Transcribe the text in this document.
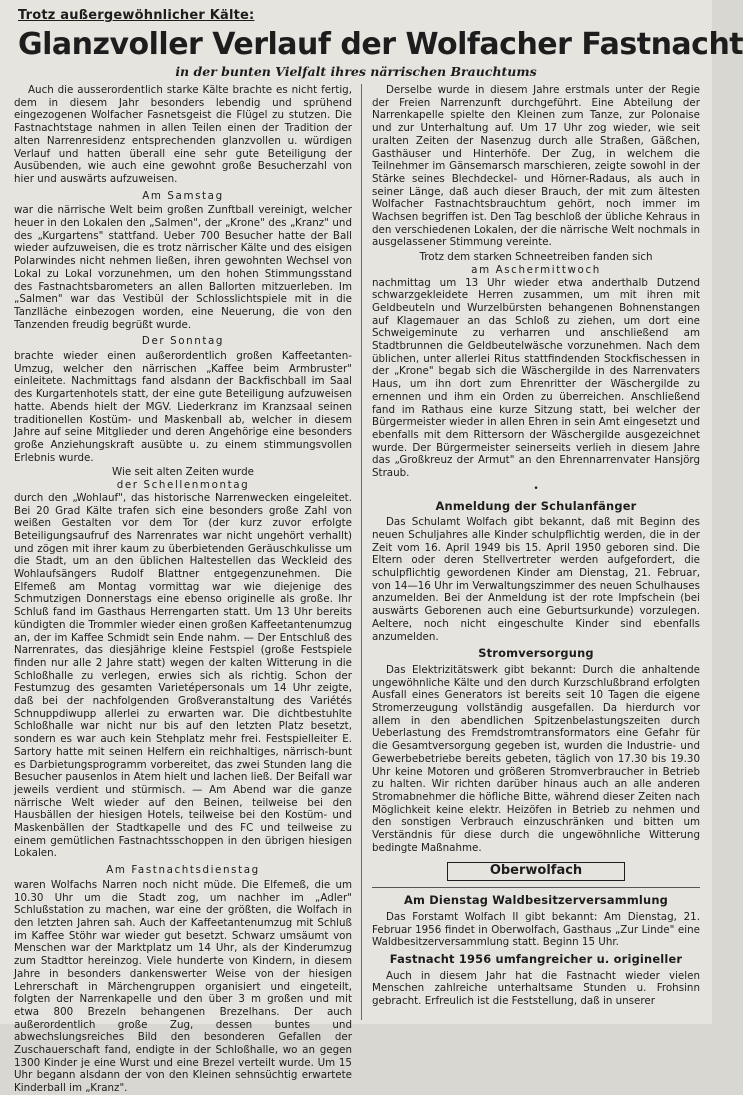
Trotz außergewöhnlicher Kälte:
Glanzvoller Verlauf der Wolfacher Fastnacht
in der bunten Vielfalt ihres närrischen Brauchtums

Auch die ausserordentlich starke Kälte brachte es nicht fertig, dem in diesem Jahr besonders lebendig und sprühend eingezogenen Wolfacher Fasnetsgeist die Flügel zu stutzen. Die Fastnachtstage nahmen in allen Teilen einen der Tradition der alten Narrenresidenz entsprechenden glanzvollen u. würdigen Verlauf und hatten überall eine sehr gute Beteiligung der Ausübenden, wie auch eine gewohnt große Besucherzahl von hier und auswärts aufzuweisen.

Am Samstag

war die närrische Welt beim großen Zunftball vereinigt, welcher heuer in den Lokalen den „Salmen", der „Krone" des „Kranz" und des „Kurgartens" stattfand. Ueber 700 Besucher hatte der Ball wieder aufzuweisen, die es trotz närrischer Kälte und des eisigen Polarwindes nicht nehmen ließen, ihren gewohnten Wechsel von Lokal zu Lokal vorzunehmen, um den hohen Stimmungsstand des Fastnachtsbarometers an allen Ballorten mitzuerleben. Im „Salmen" war das Vestibül der Schlosslichtspiele mit in die Tanzlläche einbezogen worden, eine Neuerung, die von den Tanzenden freudig begrüßt wurde.

Der Sonntag

brachte wieder einen außerordentlich großen Kaffeetanten-Umzug, welcher den närrischen „Kaffee beim Armbruster" einleitete. Nachmittags fand alsdann der Backfischball im Saal des Kurgartenhotels statt, der eine gute Beteiligung aufzuweisen hatte. Abends hielt der MGV. Liederkranz im Kranzsaal seinen traditionellen Kostüm- und Maskenball ab, welcher in diesem Jahre auf seine Mitglieder und deren Angehörige eine besonders große Anziehungskraft ausübte u. zu einem stimmungsvollen Erlebnis wurde.

Wie seit alten Zeiten wurde
der Schellenmontag

durch den „Wohlauf", das historische Narrenwecken eingeleitet. Bei 20 Grad Kälte trafen sich eine besonders große Zahl von weißen Gestalten vor dem Tor (der kurz zuvor erfolgte Beteiligungsaufruf des Narrenrates war nicht ungehört verhallt) und zögen mit ihrer kaum zu überbietenden Geräuschkulisse um die Stadt, um an den üblichen Haltestellen das Weckleid des Wohlaufsängers Rudolf Blattner entgegenzunehmen. Die Elfemeß am Montag vormittag war wie diejenige des Schmutzigen Donnerstags eine ebenso originelle als große. Ihr Schluß fand im Gasthaus Herrengarten statt. Um 13 Uhr bereits kündigten die Trommler wieder einen großen Kaffeetantenumzug an, der im Kaffee Schmidt sein Ende nahm. — Der Entschluß des Narrenrates, das diesjährige kleine Festspiel (große Festspiele finden nur alle 2 Jahre statt) wegen der kalten Witterung in die Schloßhalle zu verlegen, erwies sich als richtig. Schon der Festumzug des gesamten Varietépersonals um 14 Uhr zeigte, daß bei der nachfolgenden Großveranstaltung des Variétés Schnuppdiwupp allerlei zu erwarten war. Die dichtbestuhlte Schloßhalle war nicht nur bis auf den letzten Platz besetzt, sondern es war auch kein Stehplatz mehr frei. Festspielleiter E. Sartory hatte mit seinen Helfern ein reichhaltiges, närrisch-bunt es Darbietungsprogramm vorbereitet, das zwei Stunden lang die Besucher pausenlos in Atem hielt und lachen ließ. Der Beifall war jeweils verdient und stürmisch. — Am Abend war die ganze närrische Welt wieder auf den Beinen, teilweise bei den Hausbällen der hiesigen Hotels, teilweise bei den Kostüm- und Maskenbällen der Stadtkapelle und des FC und teilweise zu einem gemütlichen Fastnachtsschoppen in den übrigen hiesigen Lokalen.

Am Fastnachtsdienstag

waren Wolfachs Narren noch nicht müde. Die Elfemeß, die um 10.30 Uhr um die Stadt zog, um nachher im „Adler" Schlußstation zu machen, war eine der größten, die Wolfach in den letzten Jahren sah. Auch der Kaffeetantenumzug mit Schluß im Kaffee Stöhr war wieder gut besetzt. Schwarz umsäumt von Menschen war der Marktplatz um 14 Uhr, als der Kinderumzug zum Stadttor hereinzog. Viele hunderte von Kindern, in diesem Jahre in besonders dankenswerter Weise von der hiesigen Lehrerschaft in Märchengruppen organisiert und eingeteilt, folgten der Narrenkapelle und den über 3 m großen und mit etwa 800 Brezeln behangenen Brezelhans. Der auch außerordentlich große Zug, dessen buntes und abwechslungsreiches Bild den besonderen Gefallen der Zuschauerschaft fand, endigte in der Schloßhalle, wo an gegen 1300 Kinder je eine Wurst und eine Brezel verteilt wurde. Um 15 Uhr begann alsdann der von den Kleinen sehnsüchtig erwartete Kinderball im „Kranz".

Derselbe wurde in diesem Jahre erstmals unter der Regie der Freien Narrenzunft durchgeführt. Eine Abteilung der Narrenkapelle spielte den Kleinen zum Tanze, zur Polonaise und zur Unterhaltung auf. Um 17 Uhr zog wieder, wie seit uralten Zeiten der Nasenzug durch alle Straßen, Gäßchen, Gasthäuser und Hinterhöfe. Der Zug, in welchem die Teilnehmer im Gänsemarsch marschieren, zeigte sowohl in der Stärke seines Blechdeckel- und Hörner-Radaus, als auch in seiner Länge, daß auch dieser Brauch, der mit zum ältesten Wolfacher Fastnachtsbrauchtum gehört, noch immer im Wachsen begriffen ist. Den Tag beschloß der übliche Kehraus in den verschiedenen Lokalen, der die närrische Welt nochmals in ausgelassener Stimmung vereinte.

Trotz dem starken Schneetreiben fanden sich
am Aschermittwoch

nachmittag um 13 Uhr wieder etwa anderthalb Dutzend schwarzgekleidete Herren zusammen, um mit ihren mit Geldbeuteln und Wurzelbürsten behangenen Bohnenstangen auf Klagemauer an das Schloß zu ziehen, um dort eine Schweigeminute zu verharren und anschließend am Stadtbrunnen die Geldbeutelwäsche vorzunehmen. Nach dem üblichen, unter allerlei Ritus stattfindenden Stockfischessen in der „Krone" begab sich die Wäschergilde in des Narrenvaters Haus, um ihn dort zum Ehrenritter der Wäschergilde zu ernennen und ihm ein Orden zu überreichen. Anschließend fand im Rathaus eine kurze Sitzung statt, bei welcher der Bürgermeister wieder in allen Ehren in sein Amt eingesetzt und ebenfalls mit dem Rittersorn der Wäschergilde ausgezeichnet wurde. Der Bürgermeister seinerseits verlieh in diesem Jahre das „Großkreuz der Armut" an den Ehrennarrenvater Hansjörg Straub.

•
Anmeldung der Schulanfänger

Das Schulamt Wolfach gibt bekannt, daß mit Beginn des neuen Schuljahres alle Kinder schulpflichtig werden, die in der Zeit vom 16. April 1949 bis 15. April 1950 geboren sind. Die Eltern oder deren Stellvertreter werden aufgefordert, die schulpflichtig gewordenen Kinder am Dienstag, 21. Februar, von 14—16 Uhr im Verwaltungszimmer des neuen Schulhauses anzumelden. Bei der Anmeldung ist der rote Impfschein (bei auswärts Geborenen auch eine Geburtsurkunde) vorzulegen. Aeltere, noch nicht eingeschulte Kinder sind ebenfalls anzumelden.

Stromversorgung

Das Elektrizitätswerk gibt bekannt: Durch die anhaltende ungewöhnliche Kälte und den durch Kurzschlußbrand erfolgten Ausfall eines Generators ist bereits seit 10 Tagen die eigene Stromerzeugung vollständig ausgefallen. Da hierdurch vor allem in den abendlichen Spitzenbelastungszeiten durch Ueberlastung des Fremdstromtransformators eine Gefahr für die Gesamtversorgung gegeben ist, wurden die Industrie- und Gewerbebetriebe bereits gebeten, täglich von 17.30 bis 19.30 Uhr keine Motoren und größeren Stromverbraucher in Betrieb zu halten. Wir richten darüber hinaus auch an alle anderen Stromabnehmer die höfliche Bitte, während dieser Zeiten nach Möglichkeit keine elektr. Heizöfen in Betrieb zu nehmen und den sonstigen Verbrauch einzuschränken und bitten um Verständnis für diese durch die ungewöhnliche Witterung bedingte Maßnahme.

Oberwolfach
Am Dienstag Waldbesitzerversammlung

Das Forstamt Wolfach II gibt bekannt: Am Dienstag, 21. Februar 1956 findet in Oberwolfach, Gasthaus „Zur Linde" eine Waldbesitzerversammlung statt. Beginn 15 Uhr.

Fastnacht 1956 umfangreicher u. origineller

Auch in diesem Jahr hat die Fastnacht wieder vielen Menschen zahlreiche unterhaltsame Stunden u. Frohsinn gebracht. Erfreulich ist die Feststellung, daß in unserer
